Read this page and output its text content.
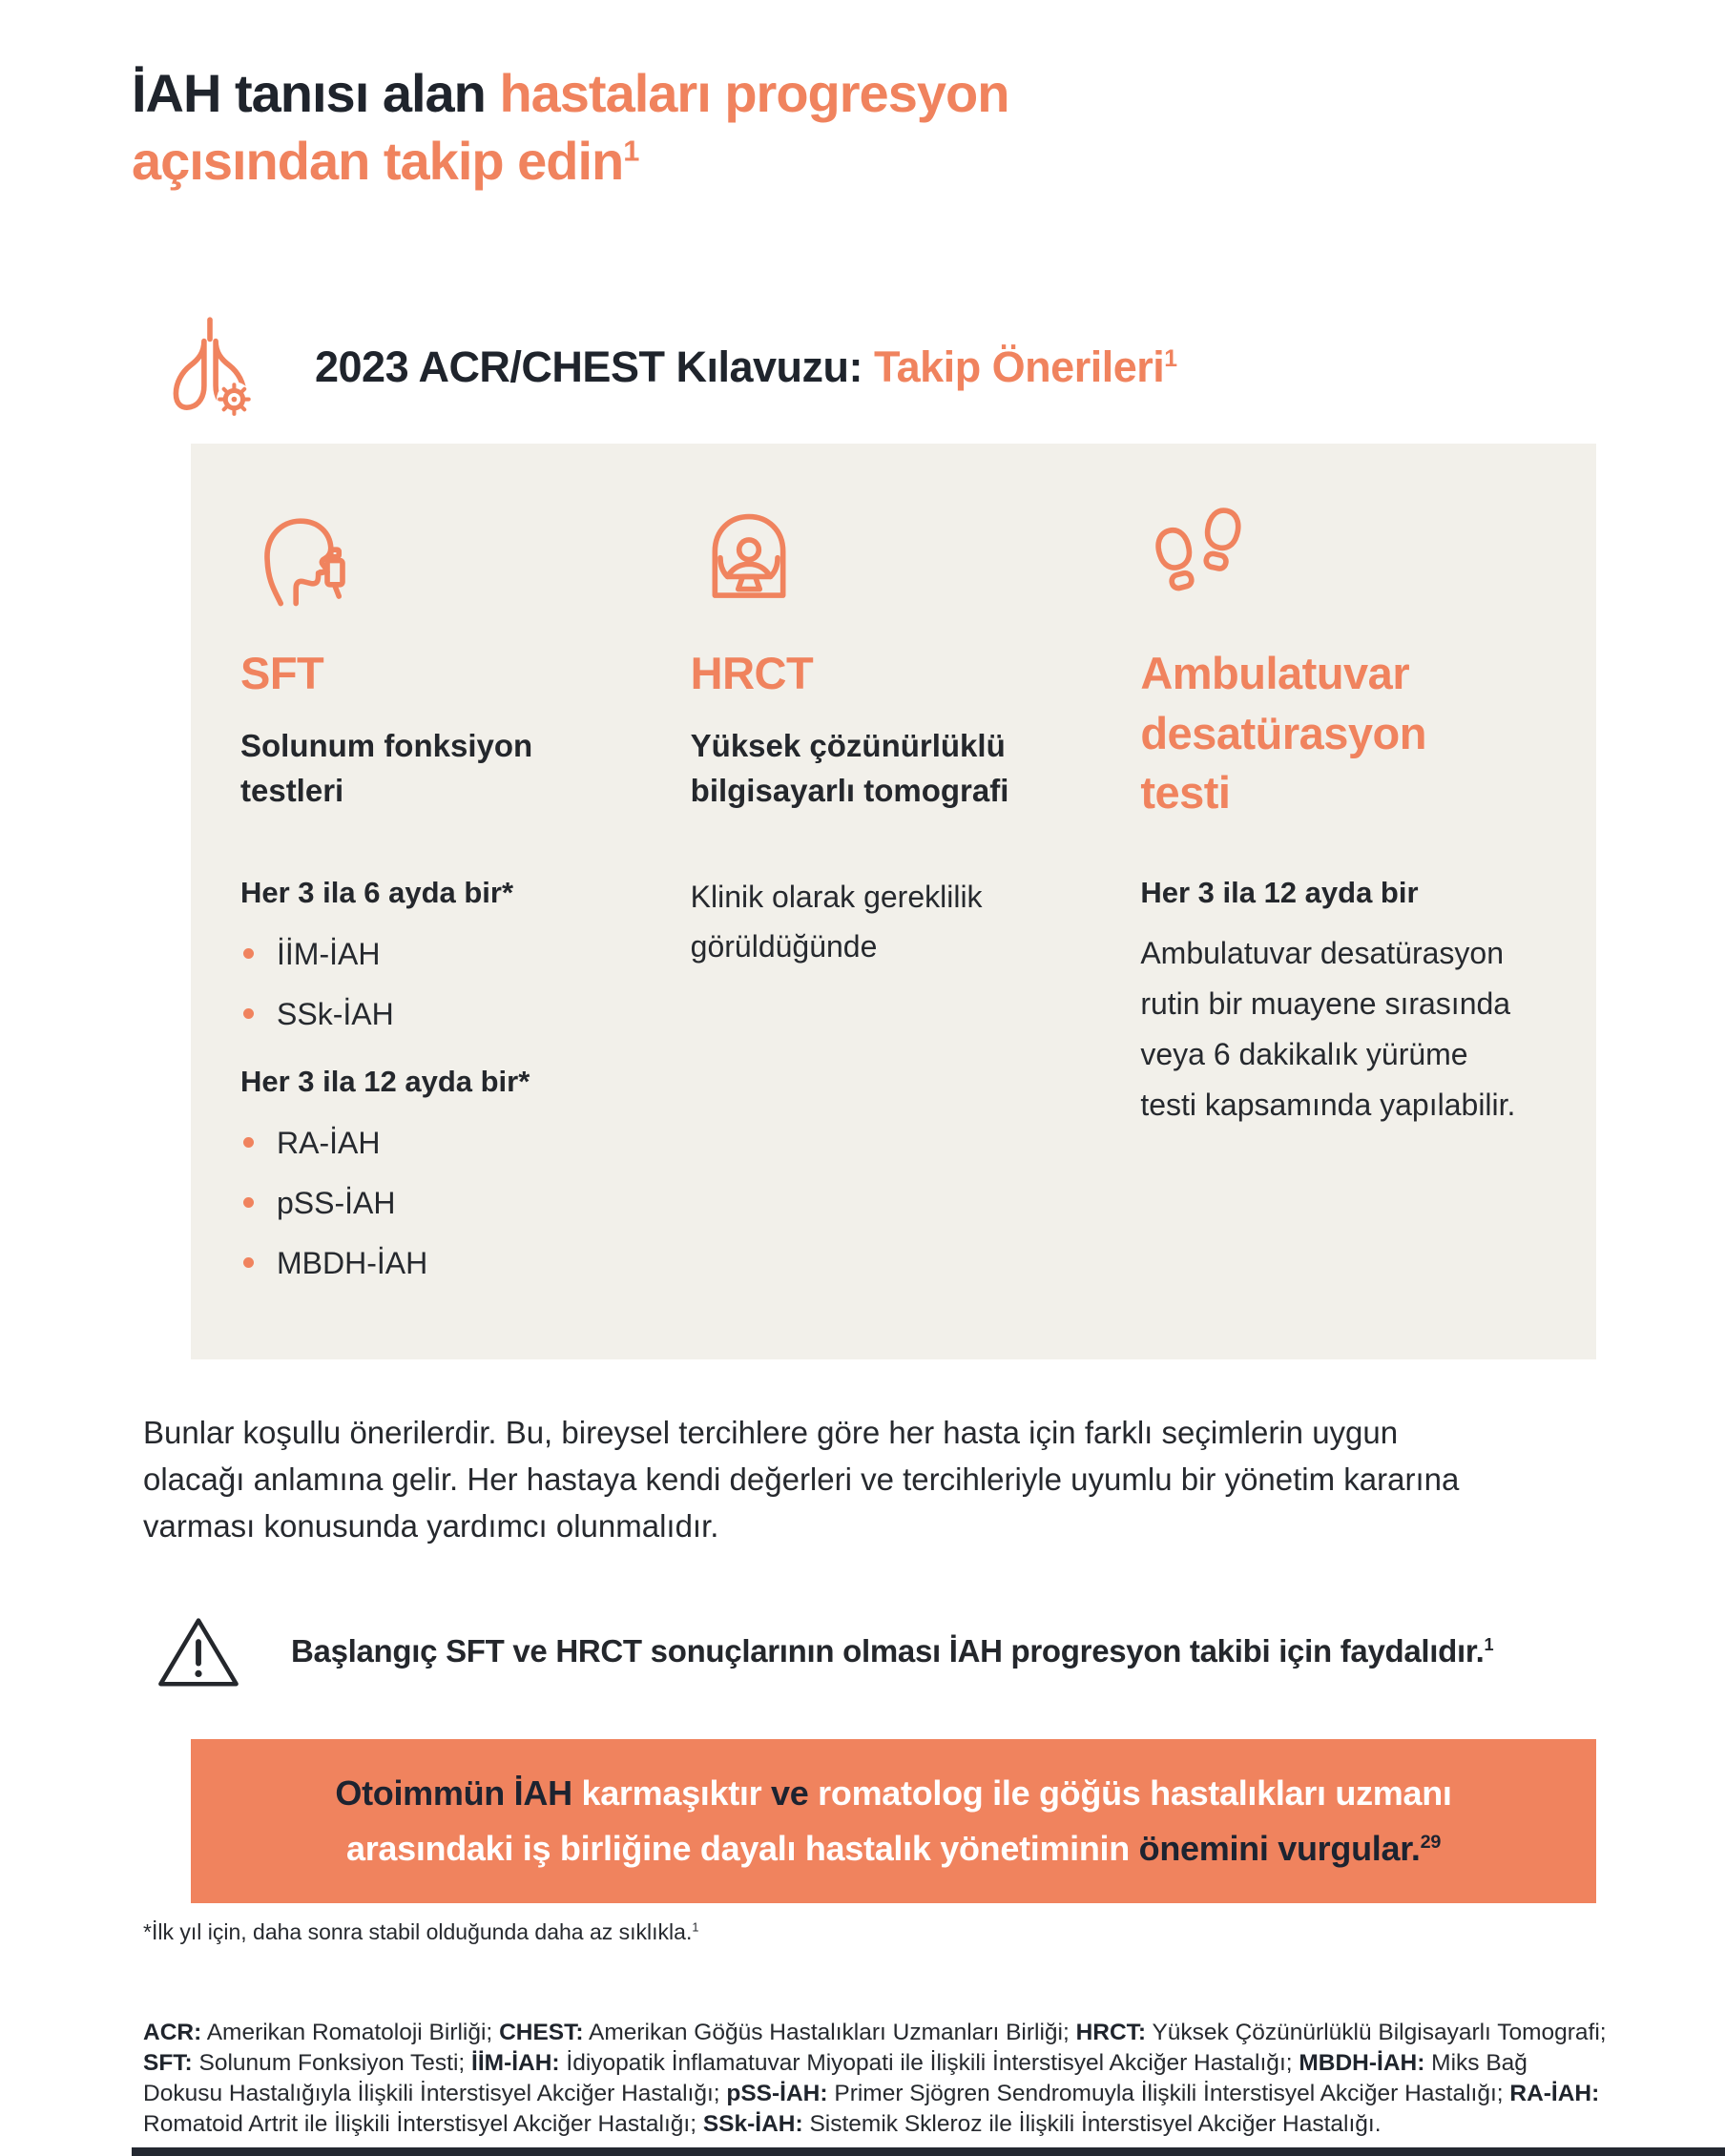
İAH tanısı alan hastaları progresyon
açısından takip edin$^1$
2023 ACR/CHEST Kılavuzu: Takip Önerileri$^1$
SFT
Solunum fonksiyon
testleri
Her 3 ila 6 ayda bir*
İİM-İAH
SSk-İAH
Her 3 ila 12 ayda bir*
RA-İAH
pSS-İAH
MBDH-İAH
HRCT
Yüksek çözünürlüklü
bilgisayarlı tomografi
Klinik olarak gereklilik
görüldüğünde
Ambulatuvar
desatürasyon
testi
Her 3 ila 12 ayda bir
Ambulatuvar desatürasyon
rutin bir muayene sırasında
veya 6 dakikalık yürüme
testi kapsamında yapılabilir.
Bunlar koşullu önerilerdir. Bu, bireysel tercihlere göre her hasta için farklı seçimlerin uygun
olacağı anlamına gelir. Her hastaya kendi değerleri ve tercihleriyle uyumlu bir yönetim kararına
varması konusunda yardımcı olunmalıdır.
Başlangıç SFT ve HRCT sonuçlarının olması İAH progresyon takibi için faydalıdır.$^1$
Otoimmün İAH karmaşıktır ve romatolog ile göğüs hastalıkları uzmanı
arasındaki iş birliğine dayalı hastalık yönetiminin önemini vurgular.$^{29}$
*İlk yıl için, daha sonra stabil olduğunda daha az sıklıkla.$^1$

ACR: Amerikan Romatoloji Birliği; CHEST: Amerikan Göğüs Hastalıkları Uzmanları Birliği; HRCT: Yüksek Çözünürlüklü Bilgisayarlı Tomografi; SFT: Solunum Fonksiyon Testi; İİM-İAH: İdiyopatik İnflamatuvar Miyopati ile İlişkili İnterstisyel Akciğer Hastalığı; MBDH-İAH: Miks Bağ Dokusu Hastalığıyla İlişkili İnterstisyel Akciğer Hastalığı; pSS-İAH: Primer Sjögren Sendromuyla İlişkili İnterstisyel Akciğer Hastalığı; RA-İAH: Romatoid Artrit ile İlişkili İnterstisyel Akciğer Hastalığı; SSk-İAH: Sistemik Skleroz ile İlişkili İnterstisyel Akciğer Hastalığı.
